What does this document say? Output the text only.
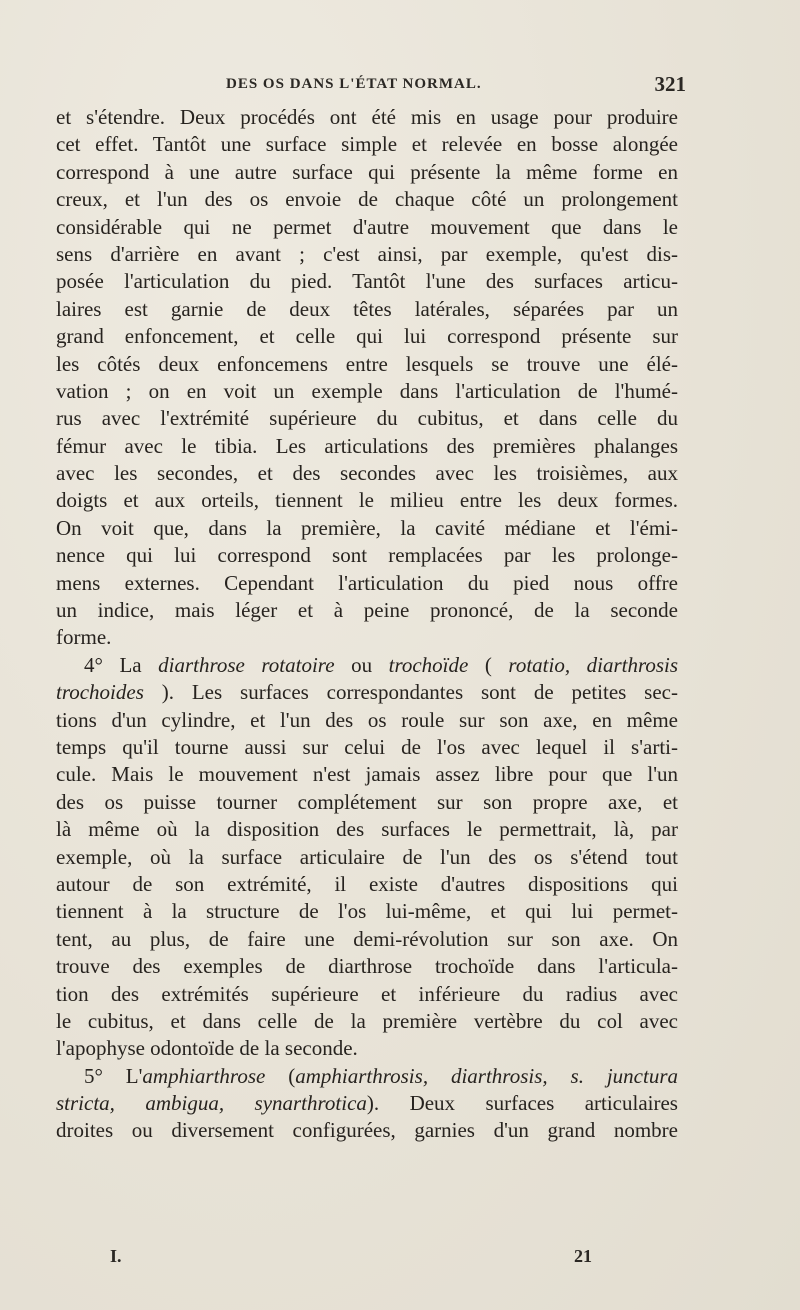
DES OS DANS L'ÉTAT NORMAL.	321
et s'étendre. Deux procédés ont été mis en usage pour produire
cet effet. Tantôt une surface simple et relevée en bosse alongée
correspond à une autre surface qui présente la même forme en
creux, et l'un des os envoie de chaque côté un prolongement
considérable qui ne permet d'autre mouvement que dans le
sens d'arrière en avant ; c'est ainsi, par exemple, qu'est dis-
posée l'articulation du pied. Tantôt l'une des surfaces articu-
laires est garnie de deux têtes latérales, séparées par un
grand enfoncement, et celle qui lui correspond présente sur
les côtés deux enfoncemens entre lesquels se trouve une élé-
vation ; on en voit un exemple dans l'articulation de l'humé-
rus avec l'extrémité supérieure du cubitus, et dans celle du
fémur avec le tibia. Les articulations des premières phalanges
avec les secondes, et des secondes avec les troisièmes, aux
doigts et aux orteils, tiennent le milieu entre les deux formes.
On voit que, dans la première, la cavité médiane et l'émi-
nence qui lui correspond sont remplacées par les prolonge-
mens externes. Cependant l'articulation du pied nous offre
un indice, mais léger et à peine prononcé, de la seconde
forme.
4° La diarthrose rotatoire ou trochoïde ( rotatio, diarthrosis
trochoides ). Les surfaces correspondantes sont de petites sec-
tions d'un cylindre, et l'un des os roule sur son axe, en même
temps qu'il tourne aussi sur celui de l'os avec lequel il s'arti-
cule. Mais le mouvement n'est jamais assez libre pour que l'un
des os puisse tourner complétement sur son propre axe, et
là même où la disposition des surfaces le permettrait, là, par
exemple, où la surface articulaire de l'un des os s'étend tout
autour de son extrémité, il existe d'autres dispositions qui
tiennent à la structure de l'os lui-même, et qui lui permet-
tent, au plus, de faire une demi-révolution sur son axe. On
trouve des exemples de diarthrose trochoïde dans l'articula-
tion des extrémités supérieure et inférieure du radius avec
le cubitus, et dans celle de la première vertèbre du col avec
l'apophyse odontoïde de la seconde.
5° L'amphiarthrose (amphiarthrosis, diarthrosis, s. junctura
stricta, ambigua, synarthrotica). Deux surfaces articulaires
droites ou diversement configurées, garnies d'un grand nombre
I.	21
